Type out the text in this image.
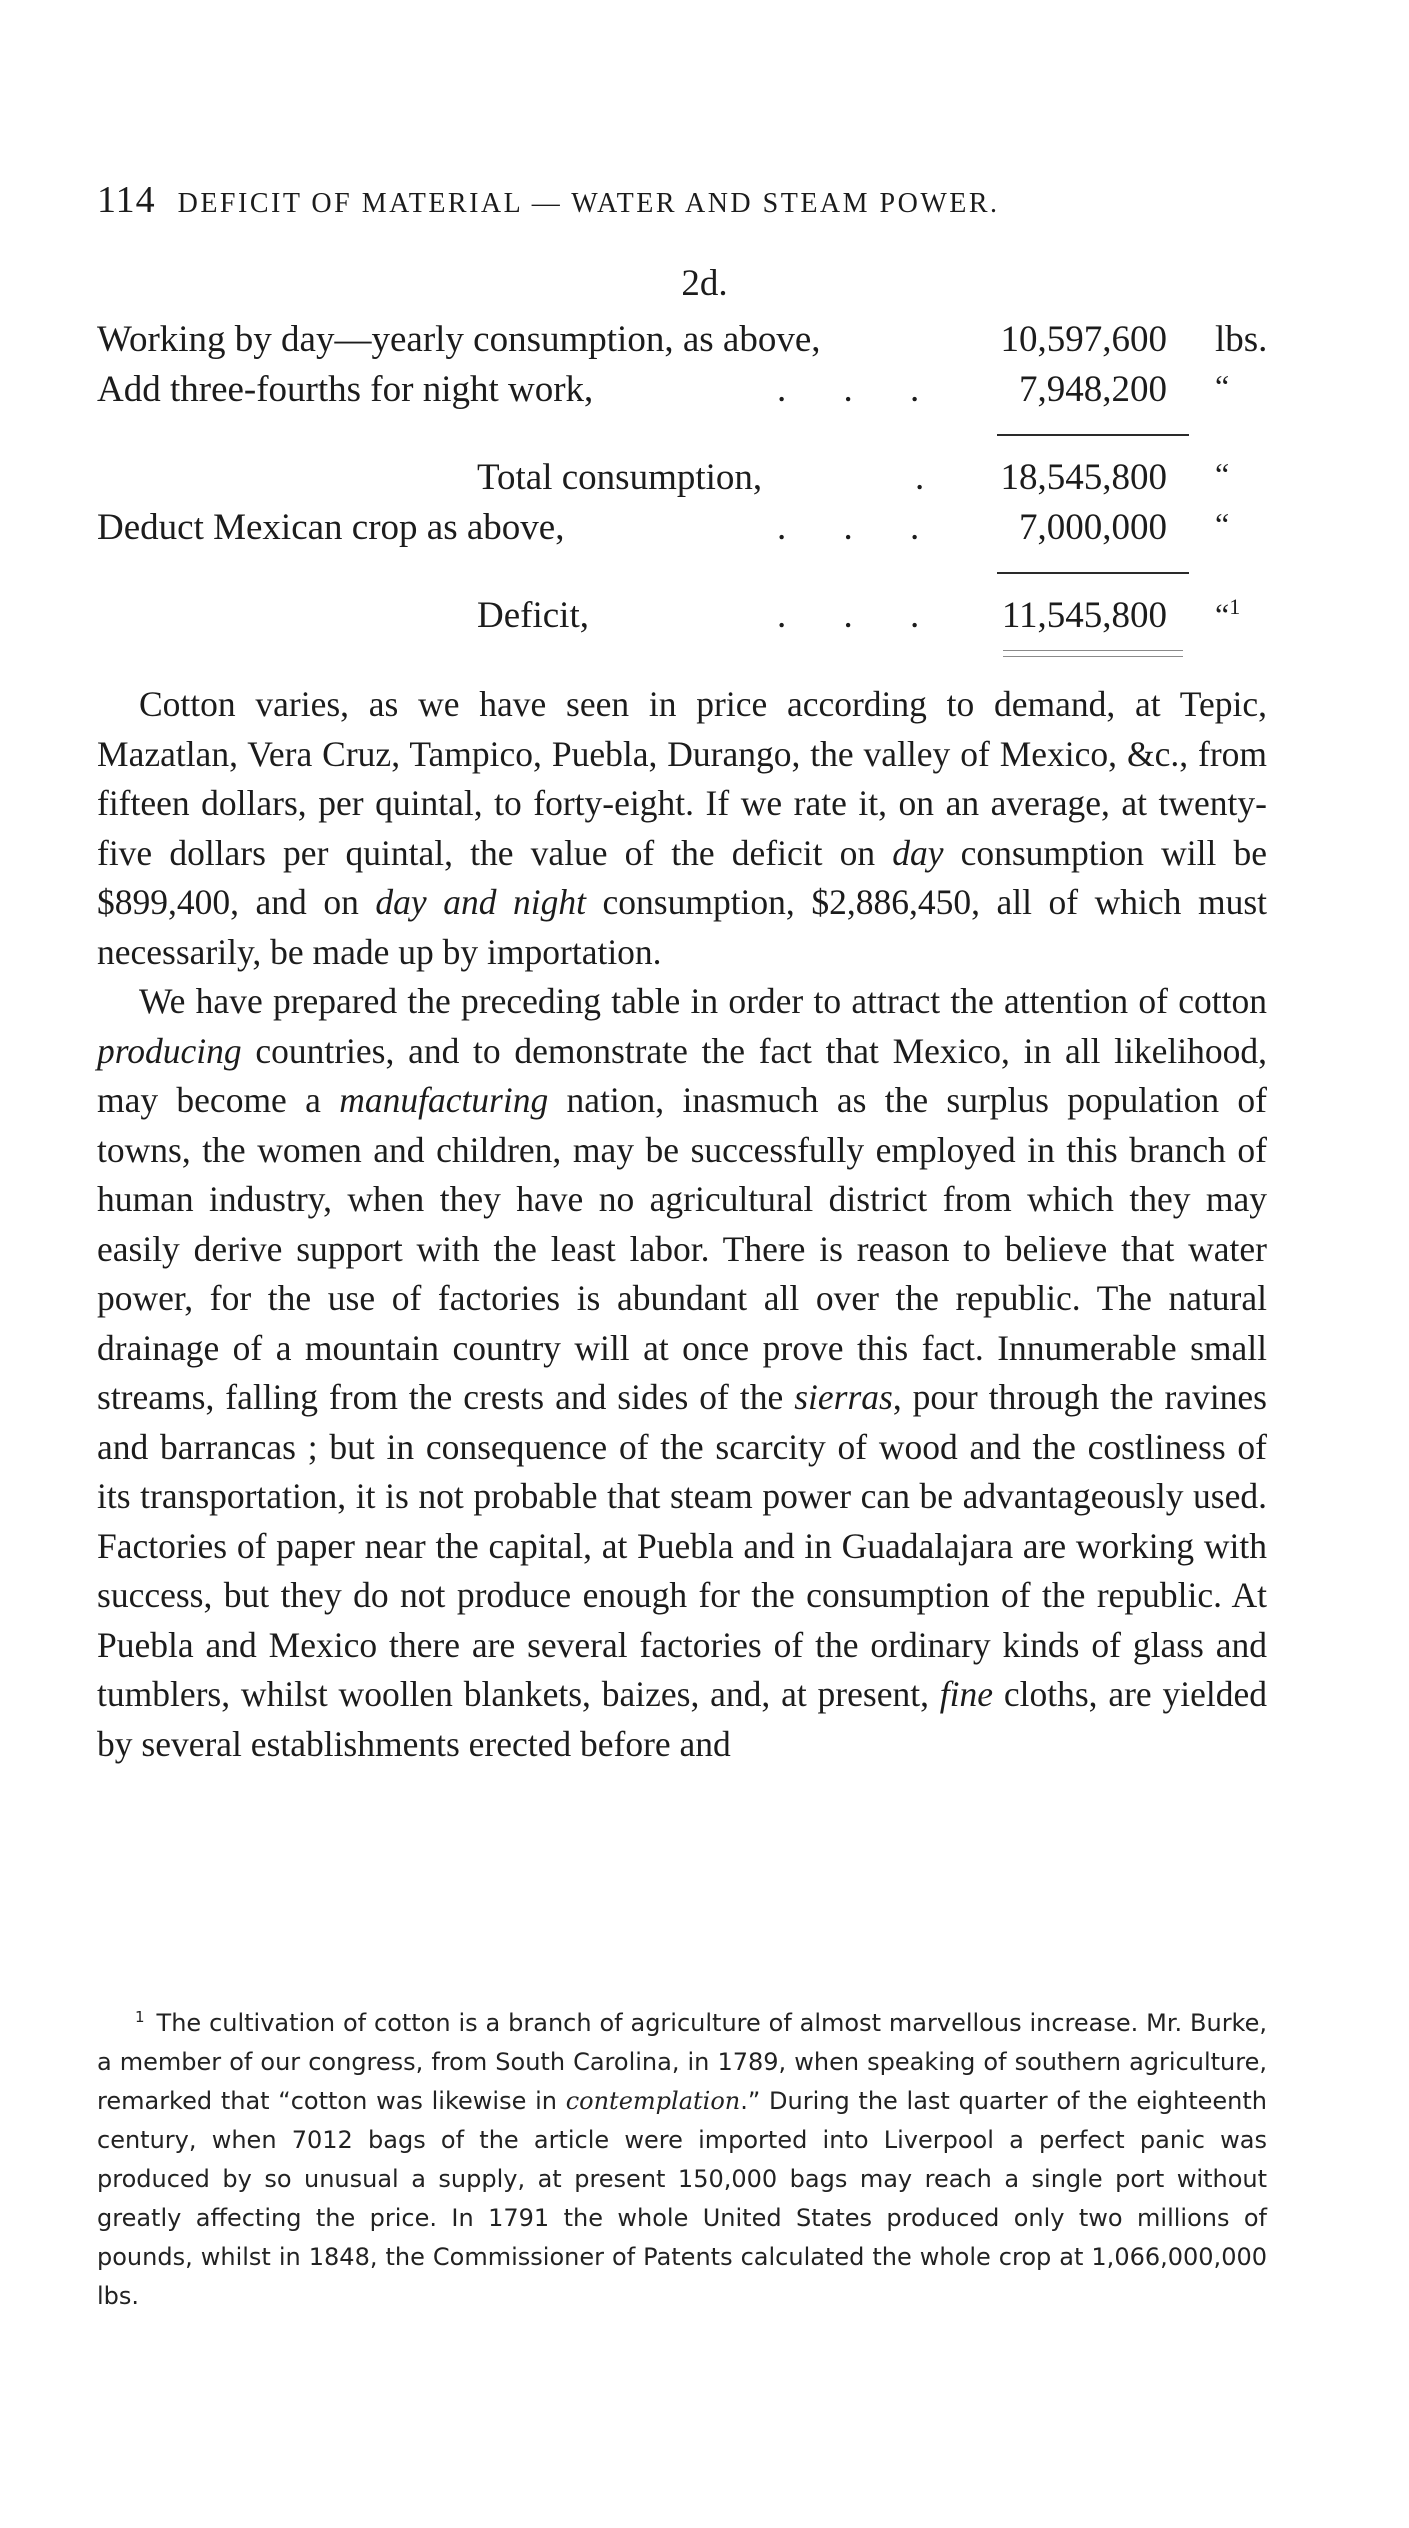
114 DEFICIT OF MATERIAL — WATER AND STEAM POWER.
2d.
Working by day—yearly consumption, as above,	10,597,600 lbs.
Add three-fourths for night work,	. . . 7,948,200 “
Total consumption,	. 18,545,800 “
Deduct Mexican crop as above,	. . . 7,000,000 “
Deficit,	. . . 11,545,800 “$^1$

Cotton varies, as we have seen in price according to demand, at Tepic, Mazatlan, Vera Cruz, Tampico, Puebla, Durango, the valley of Mexico, &c., from fifteen dollars, per quintal, to forty-eight. If we rate it, on an average, at twenty-five dollars per quintal, the value of the deficit on day consumption will be $899,400, and on day and night consumption, $2,886,450, all of which must necessarily, be made up by importation.

We have prepared the preceding table in order to attract the attention of cotton producing countries, and to demonstrate the fact that Mexico, in all likelihood, may become a manufacturing nation, inasmuch as the surplus population of towns, the women and children, may be successfully employed in this branch of human industry, when they have no agricultural district from which they may easily derive support with the least labor. There is reason to believe that water power, for the use of factories is abundant all over the republic. The natural drainage of a mountain country will at once prove this fact. Innumerable small streams, falling from the crests and sides of the sierras, pour through the ravines and barrancas ; but in consequence of the scarcity of wood and the costliness of its transportation, it is not probable that steam power can be advantageously used. Factories of paper near the capital, at Puebla and in Guadalajara are working with success, but they do not produce enough for the consumption of the republic. At Puebla and Mexico there are several factories of the ordinary kinds of glass and tumblers, whilst woollen blankets, baizes, and, at present, fine cloths, are yielded by several establishments erected before and

$^1$ The cultivation of cotton is a branch of agriculture of almost marvellous increase. Mr. Burke, a member of our congress, from South Carolina, in 1789, when speaking of southern agriculture, remarked that “cotton was likewise in contemplation.” During the last quarter of the eighteenth century, when 7012 bags of the article were imported into Liverpool a perfect panic was produced by so unusual a supply, at present 150,000 bags may reach a single port without greatly affecting the price. In 1791 the whole United States produced only two millions of pounds, whilst in 1848, the Commissioner of Patents calculated the whole crop at 1,066,000,000 lbs.
